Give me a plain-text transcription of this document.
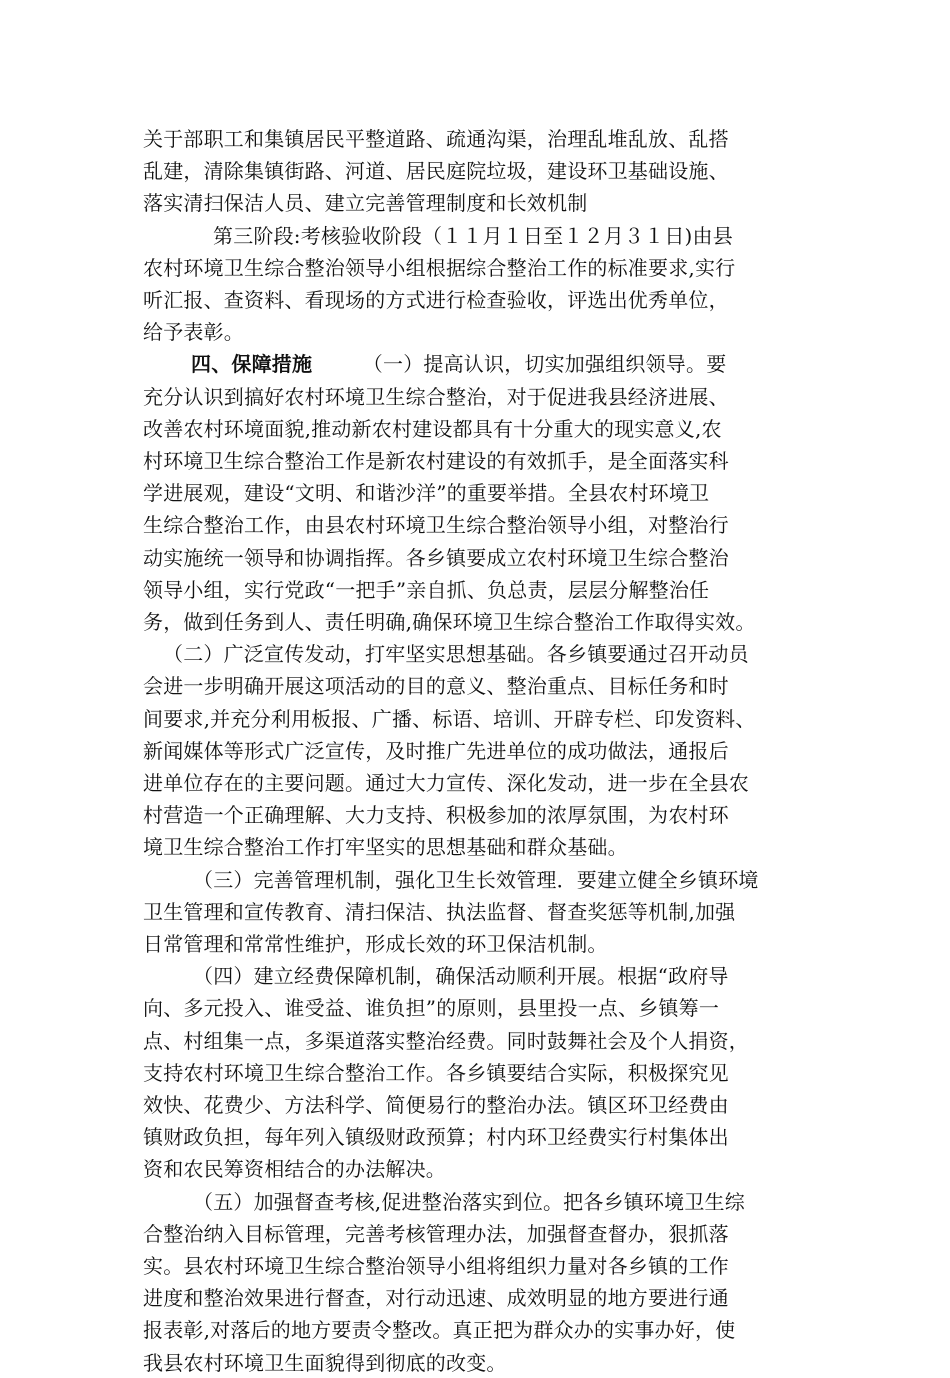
关于部职工和集镇居民平整道路、疏通沟渠，治理乱堆乱放、乱搭
乱建，清除集镇街路、河道、居民庭院垃圾，建设环卫基础设施、
落实清扫保洁人员、建立完善管理制度和长效机制
第三阶段:考核验收阶段（１１月１日至１２月３１日)由县
农村环境卫生综合整治领导小组根据综合整治工作的标准要求,实行
听汇报、查资料、看现场的方式进行检查验收，评选出优秀单位，
给予表彰。
四、保障措施　　　（一）提高认识，切实加强组织领导。要
充分认识到搞好农村环境卫生综合整治，对于促进我县经济进展、
改善农村环境面貌,推动新农村建设都具有十分重大的现实意义,农
村环境卫生综合整治工作是新农村建设的有效抓手，是全面落实科
学进展观，建设“文明、和谐沙洋”的重要举措。全县农村环境卫
生综合整治工作，由县农村环境卫生综合整治领导小组，对整治行
动实施统一领导和协调指挥。各乡镇要成立农村环境卫生综合整治
领导小组，实行党政“一把手”亲自抓、负总责，层层分解整治任
务，做到任务到人、责任明确,确保环境卫生综合整治工作取得实效。
（二）广泛宣传发动，打牢坚实思想基础。各乡镇要通过召开动员
会进一步明确开展这项活动的目的意义、整治重点、目标任务和时
间要求,并充分利用板报、广播、标语、培训、开辟专栏、印发资料、
新闻媒体等形式广泛宣传，及时推广先进单位的成功做法，通报后
进单位存在的主要问题。通过大力宣传、深化发动，进一步在全县农
村营造一个正确理解、大力支持、积极参加的浓厚氛围，为农村环
境卫生综合整治工作打牢坚实的思想基础和群众基础。
（三）完善管理机制，强化卫生长效管理．要建立健全乡镇环境
卫生管理和宣传教育、清扫保洁、执法监督、督查奖惩等机制,加强
日常管理和常常性维护，形成长效的环卫保洁机制。
（四）建立经费保障机制，确保活动顺利开展。根据“政府导
向、多元投入、谁受益、谁负担”的原则，县里投一点、乡镇筹一
点、村组集一点，多渠道落实整治经费。同时鼓舞社会及个人捐资，
支持农村环境卫生综合整治工作。各乡镇要结合实际，积极探究见
效快、花费少、方法科学、简便易行的整治办法。镇区环卫经费由
镇财政负担，每年列入镇级财政预算；村内环卫经费实行村集体出
资和农民筹资相结合的办法解决。
（五）加强督查考核,促进整治落实到位。把各乡镇环境卫生综
合整治纳入目标管理，完善考核管理办法，加强督查督办，狠抓落
实。县农村环境卫生综合整治领导小组将组织力量对各乡镇的工作
进度和整治效果进行督查，对行动迅速、成效明显的地方要进行通
报表彰,对落后的地方要责令整改。真正把为群众办的实事办好，使
我县农村环境卫生面貌得到彻底的改变。
